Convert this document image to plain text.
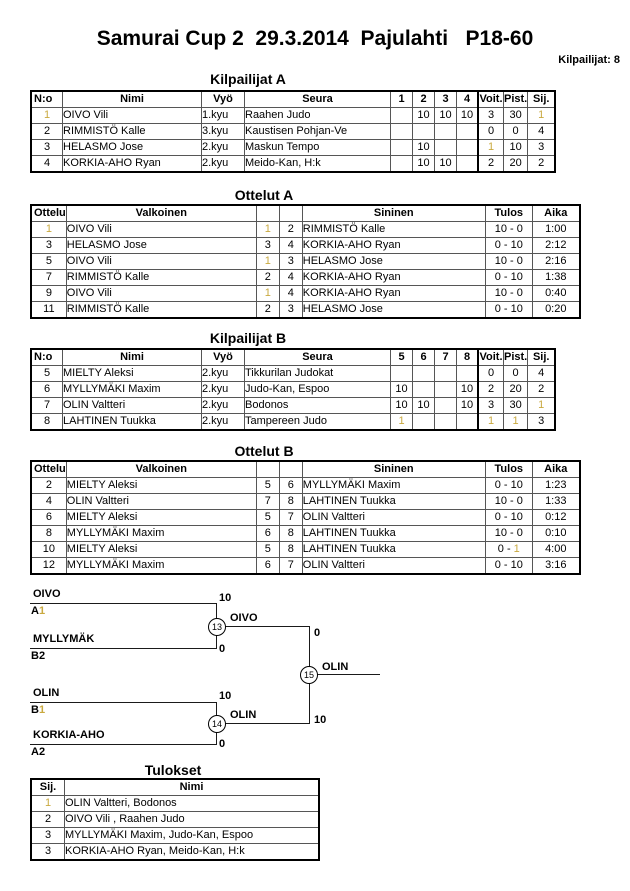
Samurai Cup 2  29.3.2014  Pajulahti   P18-60
Kilpailijat: 8
Kilpailijat A
Ottelut A
Kilpailijat B
Ottelut B
Tulokset
N:o	Nimi	Vyö	Seura	1	2	3	4	Voit.	Pist.	Sij.
1	OIVO Vili	1.kyu	Raahen Judo		10	10	10	3	30	1
2	RIMMISTÖ Kalle	3.kyu	Kaustisen Pohjan-Ve					0	0	4
3	HELASMO Jose	2.kyu	Maskun Tempo		10			1	10	3
4	KORKIA-AHO Ryan	2.kyu	Meido-Kan, H:k		10	10		2	20	2
Ottelu	Valkoinen			Sininen	Tulos	Aika
1	OIVO Vili	1	2	RIMMISTÖ Kalle	10 - 0	1:00
3	HELASMO Jose	3	4	KORKIA-AHO Ryan	0 - 10	2:12
5	OIVO Vili	1	3	HELASMO Jose	10 - 0	2:16
7	RIMMISTÖ Kalle	2	4	KORKIA-AHO Ryan	0 - 10	1:38
9	OIVO Vili	1	4	KORKIA-AHO Ryan	10 - 0	0:40
11	RIMMISTÖ Kalle	2	3	HELASMO Jose	0 - 10	0:20
N:o	Nimi	Vyö	Seura	5	6	7	8	Voit.	Pist.	Sij.
5	MIELTY Aleksi	2.kyu	Tikkurilan Judokat					0	0	4
6	MYLLYMÄKI Maxim	2.kyu	Judo-Kan, Espoo	10			10	2	20	2
7	OLIN Valtteri	2.kyu	Bodonos	10	10		10	3	30	1
8	LAHTINEN Tuukka	2.kyu	Tampereen Judo	1				1	1	3
Ottelu	Valkoinen			Sininen	Tulos	Aika
2	MIELTY Aleksi	5	6	MYLLYMÄKI Maxim	0 - 10	1:23
4	OLIN Valtteri	7	8	LAHTINEN Tuukka	10 - 0	1:33
6	MIELTY Aleksi	5	7	OLIN Valtteri	0 - 10	0:12
8	MYLLYMÄKI Maxim	6	8	LAHTINEN Tuukka	10 - 0	0:10
10	MIELTY Aleksi	5	8	LAHTINEN Tuukka	0 - 1	4:00
12	MYLLYMÄKI Maxim	6	7	OLIN Valtteri	0 - 10	3:16
OIVO
A1
10
MYLLYMÄK
B2
0
13
OIVO
OLIN
B1
10
KORKIA-AHO
A2
0
14
OLIN
0
10
15
OLIN
Sij.	Nimi
1	OLIN Valtteri, Bodonos
2	OIVO Vili , Raahen Judo
3	MYLLYMÄKI Maxim, Judo-Kan, Espoo
3	KORKIA-AHO Ryan, Meido-Kan, H:k
